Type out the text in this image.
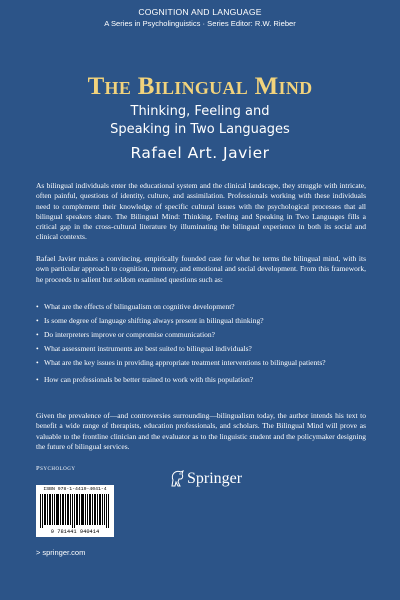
COGNITION AND LANGUAGE
A Series in Psycholinguistics · Series Editor: R.W. Rieber
The Bilingual Mind
Thinking, Feeling and
Speaking in Two Languages
Rafael Art. Javier

As bilingual individuals enter the educational system and the clinical landscape, they struggle with intricate, often painful, questions of identity, culture, and assimilation. Professionals working with these individuals need to complement their knowledge of specific cultural issues with the psychological processes that all bilingual speakers share. The Bilingual Mind: Thinking, Feeling and Speaking in Two Languages fills a critical gap in the cross-cultural literature by illuminating the bilingual experience in both its social and clinical contexts.

Rafael Javier makes a convincing, empirically founded case for what he terms the bilingual mind, with its own particular approach to cognition, memory, and emotional and social development. From this framework, he proceeds to salient but seldom examined questions such as:

• What are the effects of bilingualism on cognitive development?
• Is some degree of language shifting always present in bilingual thinking?
• Do interpreters improve or compromise communication?
• What assessment instruments are best suited to bilingual individuals?
• What are the key issues in providing appropriate treatment interventions to bilingual patients?
• How can professionals be better trained to work with this population?

Given the prevalence of—and controversies surrounding—bilingualism today, the author intends his text to benefit a wide range of therapists, education professionals, and scholars. The Bilingual Mind will prove as valuable to the frontline clinician and the evaluator as to the linguistic student and the policymaker designing the future of bilingual services.

Psychology
Springer
ISBN 978-1-4419-4041-4
9 781441 940414
> springer.com
